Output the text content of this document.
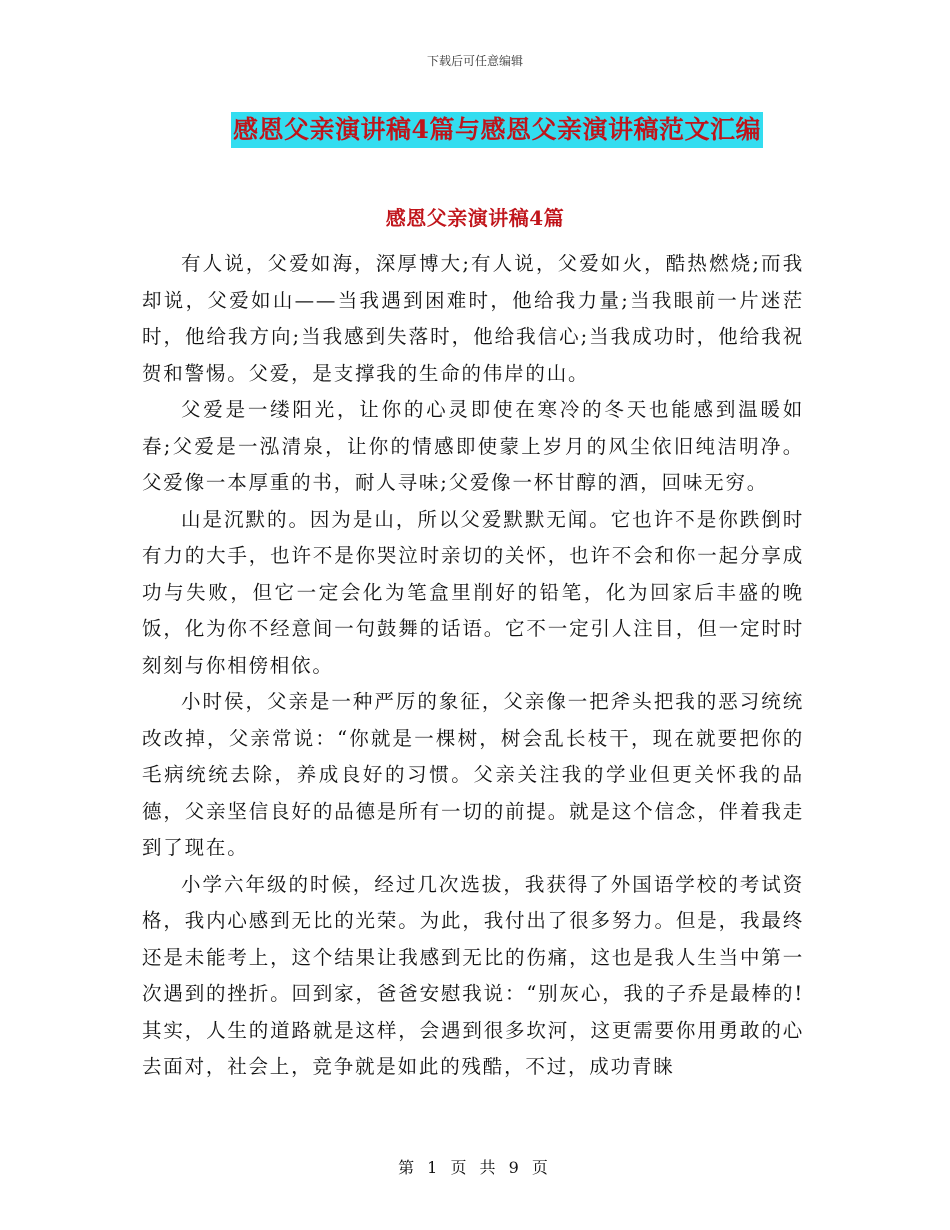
下载后可任意编辑
感恩父亲演讲稿4篇与感恩父亲演讲稿范文汇编
感恩父亲演讲稿4篇

有人说，父爱如海，深厚博大;有人说，父爱如火，酷热燃烧;而我却说，父爱如山——当我遇到困难时，他给我力量;当我眼前一片迷茫时，他给我方向;当我感到失落时，他给我信心;当我成功时，他给我祝贺和警惕。父爱，是支撑我的生命的伟岸的山。

父爱是一缕阳光，让你的心灵即使在寒冷的冬天也能感到温暖如春;父爱是一泓清泉，让你的情感即使蒙上岁月的风尘依旧纯洁明净。父爱像一本厚重的书，耐人寻味;父爱像一杯甘醇的酒，回味无穷。

山是沉默的。因为是山，所以父爱默默无闻。它也许不是你跌倒时有力的大手，也许不是你哭泣时亲切的关怀，也许不会和你一起分享成功与失败，但它一定会化为笔盒里削好的铅笔，化为回家后丰盛的晚饭，化为你不经意间一句鼓舞的话语。它不一定引人注目，但一定时时刻刻与你相傍相依。

小时侯，父亲是一种严厉的象征，父亲像一把斧头把我的恶习统统改改掉，父亲常说：“你就是一棵树，树会乱长枝干，现在就要把你的毛病统统去除，养成良好的习惯。父亲关注我的学业但更关怀我的品德，父亲坚信良好的品德是所有一切的前提。就是这个信念，伴着我走到了现在。

小学六年级的时候，经过几次选拔，我获得了外国语学校的考试资格，我内心感到无比的光荣。为此，我付出了很多努力。但是，我最终还是未能考上，这个结果让我感到无比的伤痛，这也是我人生当中第一次遇到的挫折。回到家，爸爸安慰我说：“别灰心，我的子乔是最棒的!其实，人生的道路就是这样，会遇到很多坎河，这更需要你用勇敢的心去面对，社会上，竞争就是如此的残酷，不过，成功青睐

第 1 页 共 9 页
